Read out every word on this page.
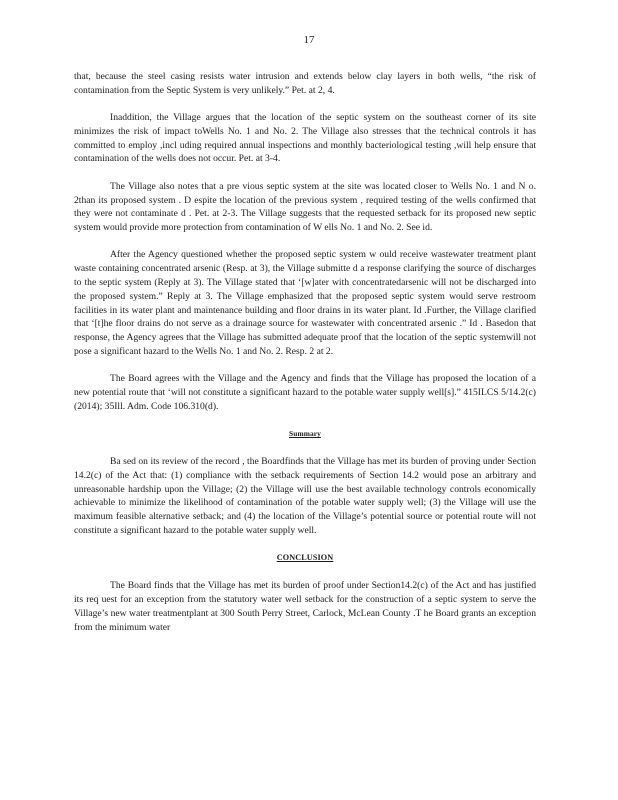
17

that, because the steel casing resists water intrusion and extends below clay layers in both wells, “the risk of contamination from the Septic System is very unlikely.” Pet. at 2, 4.

Inaddition, the Village argues that the location of the septic system on the southeast corner of its site minimizes the risk of impact toWells No. 1 and No. 2. The Village also stresses that the technical controls it has committed to employ ,incl uding required annual inspections and monthly bacteriological testing ,will help ensure that contamination of the wells does not occur. Pet. at 3-4.

The Village also notes that a pre vious septic system at the site was located closer to Wells No. 1 and N o. 2than its proposed system . D espite the location of the previous system , required testing of the wells confirmed that they were not contaminate d . Pet. at 2-3. The Village suggests that the requested setback for its proposed new septic system would provide more protection from contamination of W ells No. 1 and No. 2. See id.

After the Agency questioned whether the proposed septic system w ould receive wastewater treatment plant waste containing concentrated arsenic (Resp. at 3), the Village submitte d a response clarifying the source of discharges to the septic system (Reply at 3). The Village stated that ‘[w]ater with concentratedarsenic will not be discharged into the proposed system.” Reply at 3. The Village emphasized that the proposed septic system would serve restroom facilities in its water plant and maintenance building and floor drains in its water plant. Id .Further, the Village clarified that ‘[t]he floor drains do not serve as a drainage source for wastewater with concentrated arsenic .” Id . Basedon that response, the Agency agrees that the Village has submitted adequate proof that the location of the septic systemwill not pose a significant hazard to the Wells No. 1 and No. 2. Resp. 2 at 2.

The Board agrees with the Village and the Agency and finds that the Village has proposed the location of a new potential route that ‘will not constitute a significant hazard to the potable water supply well[s].” 415ILCS 5/14.2(c) (2014); 35Ill. Adm. Code 106.310(d).

Summary

Ba sed on its review of the record , the Boardfinds that the Village has met its burden of proving under Section 14.2(c) of the Act that: (1) compliance with the setback requirements of Section 14.2 would pose an arbitrary and unreasonable hardship upon the Village; (2) the Village will use the best available technology controls economically achievable to minimize the likelihood of contamination of the potable water supply well; (3) the Village will use the maximum feasible alternative setback; and (4) the location of the Village’s potential source or potential route will not constitute a significant hazard to the potable water supply well.

CONCLUSION

The Board finds that the Village has met its burden of proof under Section14.2(c) of the Act and has justified its req uest for an exception from the statutory water well setback for the construction of a septic system to serve the Village’s new water treatmentplant at 300 South Perry Street, Carlock, McLean County .T he Board grants an exception from the minimum water
